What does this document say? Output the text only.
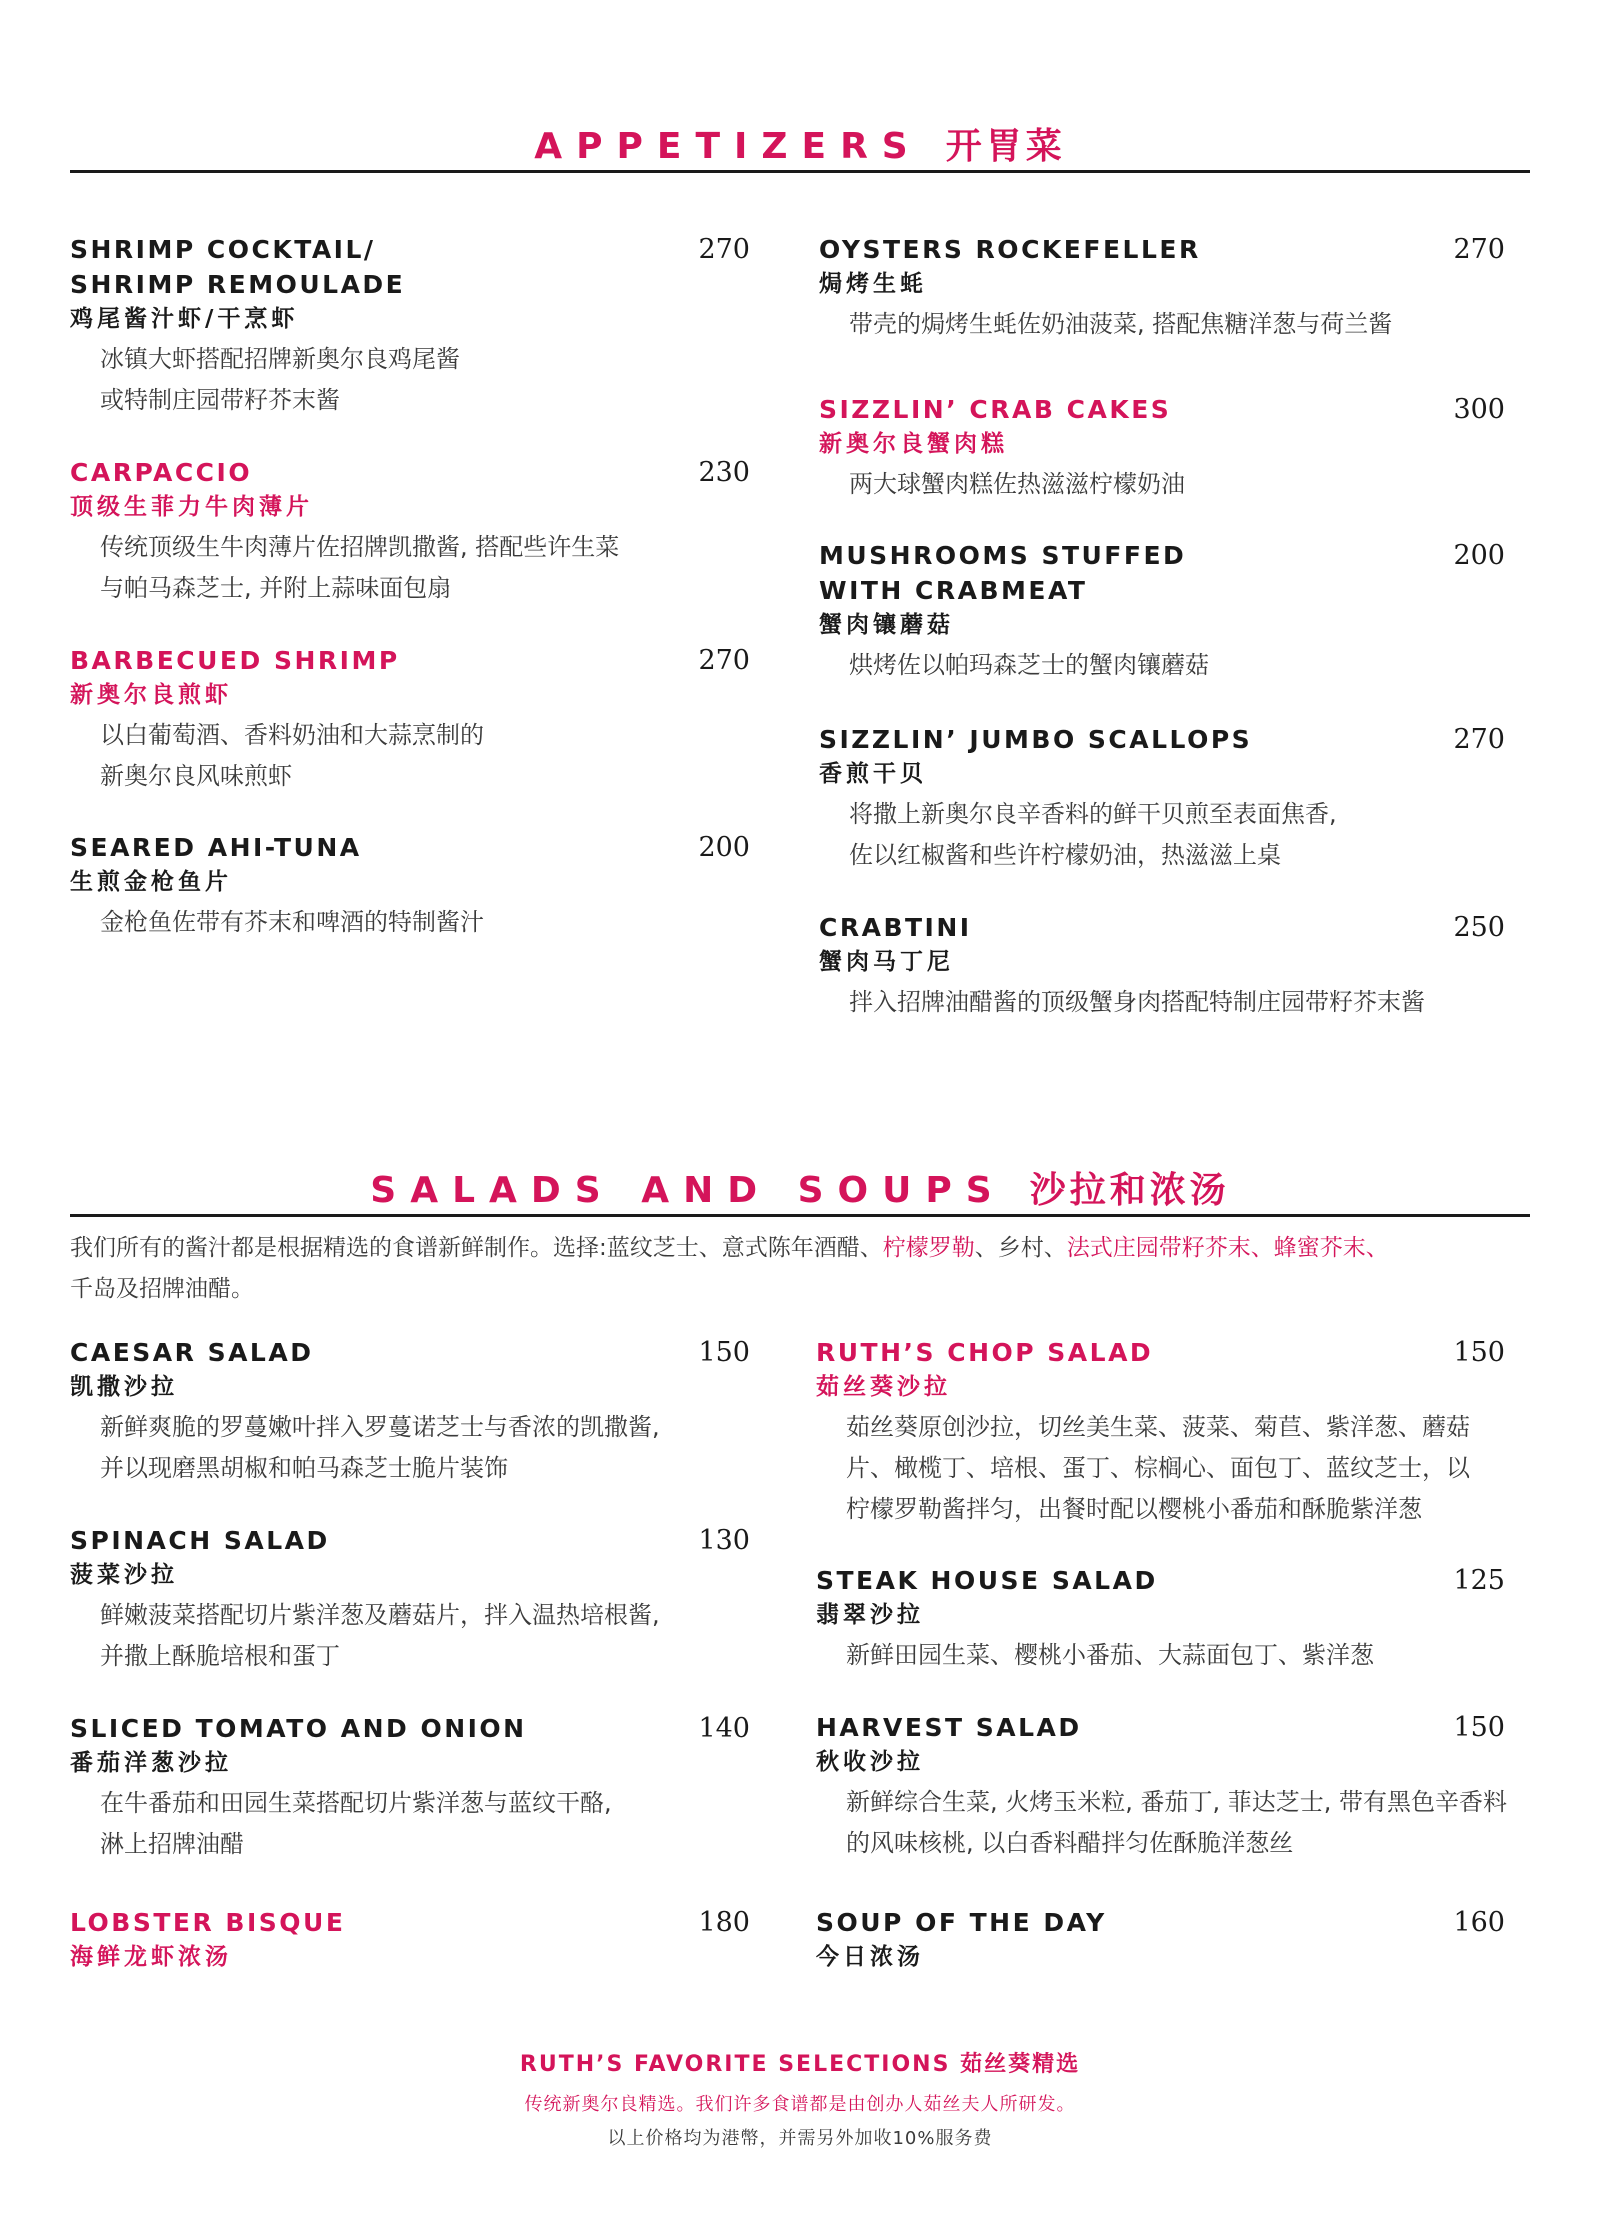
APPETIZERS 开胃菜
SHRIMP COCKTAIL/
SHRIMP REMOULADE
鸡尾酱汁虾/干烹虾
冰镇大虾搭配招牌新奥尔良鸡尾酱
或特制庄园带籽芥末酱
270
CARPACCIO
顶级生菲力牛肉薄片
传统顶级生牛肉薄片佐招牌凯撒酱, 搭配些许生菜
与帕马森芝士, 并附上蒜味面包扇
230
BARBECUED SHRIMP
新奥尔良煎虾
以白葡萄酒、香料奶油和大蒜烹制的
新奥尔良风味煎虾
270
SEARED AHI-TUNA
生煎金枪鱼片
金枪鱼佐带有芥末和啤酒的特制酱汁
200
OYSTERS ROCKEFELLER
焗烤生蚝
带壳的焗烤生蚝佐奶油菠菜, 搭配焦糖洋葱与荷兰酱
270
SIZZLIN’ CRAB CAKES
新奥尔良蟹肉糕
两大球蟹肉糕佐热滋滋柠檬奶油
300
MUSHROOMS STUFFED
WITH CRABMEAT
蟹肉镶蘑菇
烘烤佐以帕玛森芝士的蟹肉镶蘑菇
200
SIZZLIN’ JUMBO SCALLOPS
香煎干贝
将撒上新奥尔良辛香料的鲜干贝煎至表面焦香,
佐以红椒酱和些许柠檬奶油，热滋滋上桌
270
CRABTINI
蟹肉马丁尼
拌入招牌油醋酱的顶级蟹身肉搭配特制庄园带籽芥末酱
250
SALADS AND SOUPS 沙拉和浓汤
我们所有的酱汁都是根据精选的食谱新鲜制作。选择:蓝纹芝士、意式陈年酒醋、柠檬罗勒、乡村、法式庄园带籽芥末、蜂蜜芥末、
千岛及招牌油醋。
CAESAR SALAD
凯撒沙拉
新鲜爽脆的罗蔓嫩叶拌入罗蔓诺芝士与香浓的凯撒酱,
并以现磨黑胡椒和帕马森芝士脆片装饰
150
SPINACH SALAD
菠菜沙拉
鲜嫩菠菜搭配切片紫洋葱及蘑菇片，拌入温热培根酱,
并撒上酥脆培根和蛋丁
130
SLICED TOMATO AND ONION
番茄洋葱沙拉
在牛番茄和田园生菜搭配切片紫洋葱与蓝纹干酪,
淋上招牌油醋
140
LOBSTER BISQUE
海鲜龙虾浓汤
180
RUTH’S CHOP SALAD
茹丝葵沙拉
茹丝葵原创沙拉，切丝美生菜、菠菜、菊苣、紫洋葱、蘑菇
片、橄榄丁、培根、蛋丁、棕榈心、面包丁、蓝纹芝士，以
柠檬罗勒酱拌匀，出餐时配以樱桃小番茄和酥脆紫洋葱
150
STEAK HOUSE SALAD
翡翠沙拉
新鲜田园生菜、樱桃小番茄、大蒜面包丁、紫洋葱
125
HARVEST SALAD
秋收沙拉
新鲜综合生菜, 火烤玉米粒, 番茄丁, 菲达芝士, 带有黑色辛香料
的风味核桃, 以白香料醋拌匀佐酥脆洋葱丝
150
SOUP OF THE DAY
今日浓汤
160
RUTH’S FAVORITE SELECTIONS 茹丝葵精选
传统新奥尔良精选。我们许多食谱都是由创办人茹丝夫人所研发。
以上价格均为港幣，并需另外加收10%服务费
